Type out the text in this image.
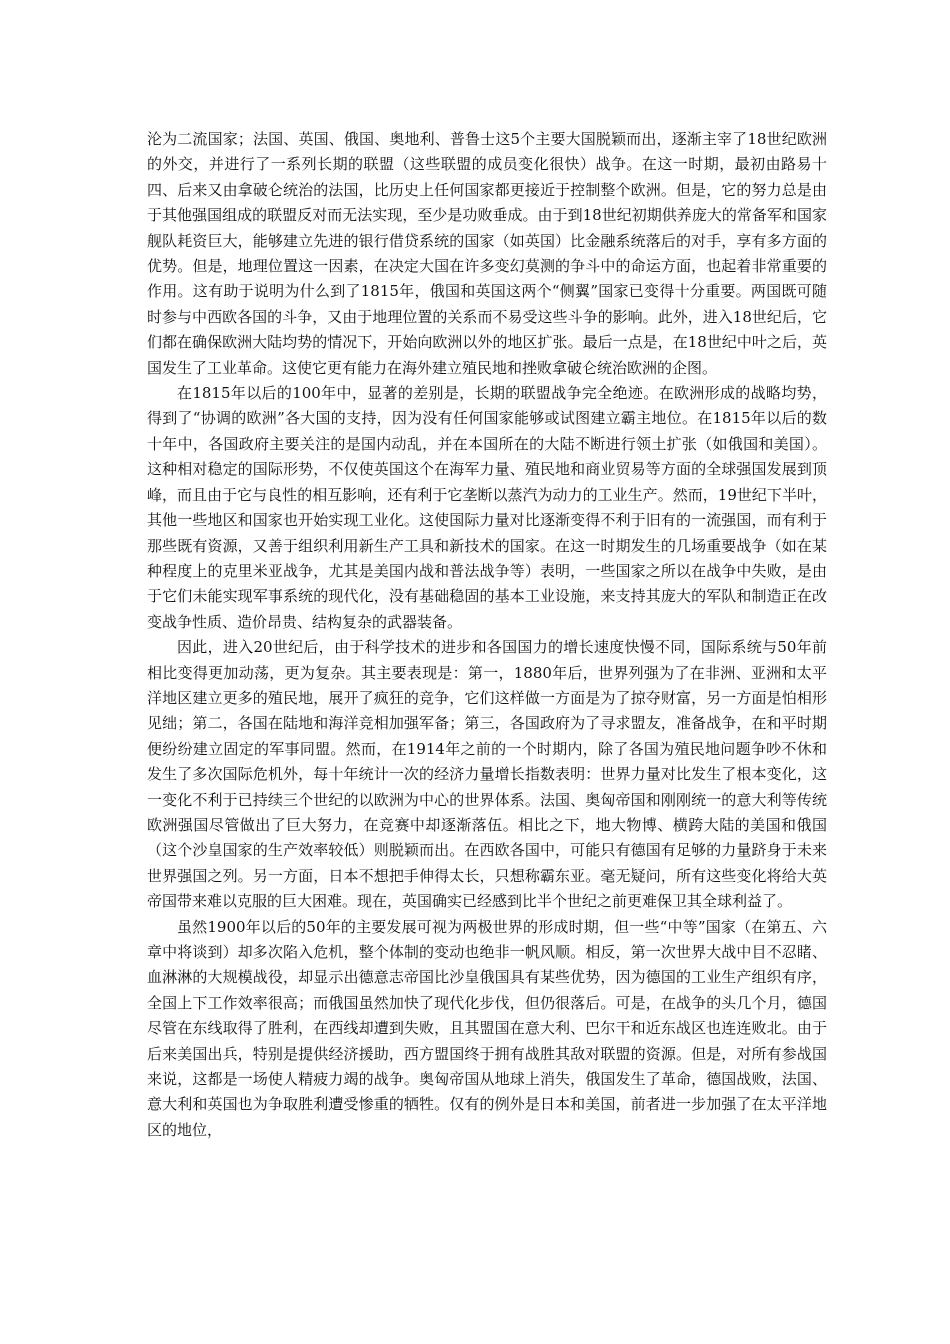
沦为二流国家；法国、英国、俄国、奥地利、普鲁士这5个主要大国脱颖而出，逐渐主宰了18世纪欧洲的外交，并进行了一系列长期的联盟（这些联盟的成员变化很快）战争。在这一时期，最初由路易十四、后来又由拿破仑统治的法国，比历史上任何国家都更接近于控制整个欧洲。但是，它的努力总是由于其他强国组成的联盟反对而无法实现，至少是功败垂成。由于到18世纪初期供养庞大的常备军和国家舰队耗资巨大，能够建立先进的银行借贷系统的国家（如英国）比金融系统落后的对手，享有多方面的优势。但是，地理位置这一因素，在决定大国在许多变幻莫测的争斗中的命运方面，也起着非常重要的作用。这有助于说明为什么到了1815年，俄国和英国这两个“侧翼”国家已变得十分重要。两国既可随时参与中西欧各国的斗争，又由于地理位置的关系而不易受这些斗争的影响。此外，进入18世纪后，它们都在确保欧洲大陆均势的情况下，开始向欧洲以外的地区扩张。最后一点是，在18世纪中叶之后，英国发生了工业革命。这使它更有能力在海外建立殖民地和挫败拿破仑统治欧洲的企图。

在1815年以后的100年中，显著的差别是，长期的联盟战争完全绝迹。在欧洲形成的战略均势，得到了“协调的欧洲”各大国的支持，因为没有任何国家能够或试图建立霸主地位。在1815年以后的数十年中，各国政府主要关注的是国内动乱，并在本国所在的大陆不断进行领土扩张（如俄国和美国）。这种相对稳定的国际形势，不仅使英国这个在海军力量、殖民地和商业贸易等方面的全球强国发展到顶峰，而且由于它与良性的相互影响，还有利于它垄断以蒸汽为动力的工业生产。然而，19世纪下半叶，其他一些地区和国家也开始实现工业化。这使国际力量对比逐渐变得不利于旧有的一流强国，而有利于那些既有资源，又善于组织利用新生产工具和新技术的国家。在这一时期发生的几场重要战争（如在某种程度上的克里米亚战争，尤其是美国内战和普法战争等）表明，一些国家之所以在战争中失败，是由于它们未能实现军事系统的现代化，没有基础稳固的基本工业设施，来支持其庞大的军队和制造正在改变战争性质、造价昂贵、结构复杂的武器装备。

因此，进入20世纪后，由于科学技术的进步和各国国力的增长速度快慢不同，国际系统与50年前相比变得更加动荡，更为复杂。其主要表现是：第一，1880年后，世界列强为了在非洲、亚洲和太平洋地区建立更多的殖民地，展开了疯狂的竞争，它们这样做一方面是为了掠夺财富，另一方面是怕相形见绌；第二，各国在陆地和海洋竞相加强军备；第三，各国政府为了寻求盟友，准备战争，在和平时期便纷纷建立固定的军事同盟。然而，在1914年之前的一个时期内，除了各国为殖民地问题争吵不休和发生了多次国际危机外，每十年统计一次的经济力量增长指数表明：世界力量对比发生了根本变化，这一变化不利于已持续三个世纪的以欧洲为中心的世界体系。法国、奥匈帝国和刚刚统一的意大利等传统欧洲强国尽管做出了巨大努力，在竞赛中却逐渐落伍。相比之下，地大物博、横跨大陆的美国和俄国（这个沙皇国家的生产效率较低）则脱颖而出。在西欧各国中，可能只有德国有足够的力量跻身于未来世界强国之列。另一方面，日本不想把手伸得太长，只想称霸东亚。毫无疑问，所有这些变化将给大英帝国带来难以克服的巨大困难。现在，英国确实已经感到比半个世纪之前更难保卫其全球利益了。

虽然1900年以后的50年的主要发展可视为两极世界的形成时期，但一些“中等”国家（在第五、六章中将谈到）却多次陷入危机，整个体制的变动也绝非一帆风顺。相反，第一次世界大战中目不忍睹、血淋淋的大规模战役，却显示出德意志帝国比沙皇俄国具有某些优势，因为德国的工业生产组织有序，全国上下工作效率很高；而俄国虽然加快了现代化步伐，但仍很落后。可是，在战争的头几个月，德国尽管在东线取得了胜利，在西线却遭到失败，且其盟国在意大利、巴尔干和近东战区也连连败北。由于后来美国出兵，特别是提供经济援助，西方盟国终于拥有战胜其敌对联盟的资源。但是，对所有参战国来说，这都是一场使人精疲力竭的战争。奥匈帝国从地球上消失，俄国发生了革命，德国战败，法国、意大利和英国也为争取胜利遭受惨重的牺牲。仅有的例外是日本和美国，前者进一步加强了在太平洋地区的地位，
